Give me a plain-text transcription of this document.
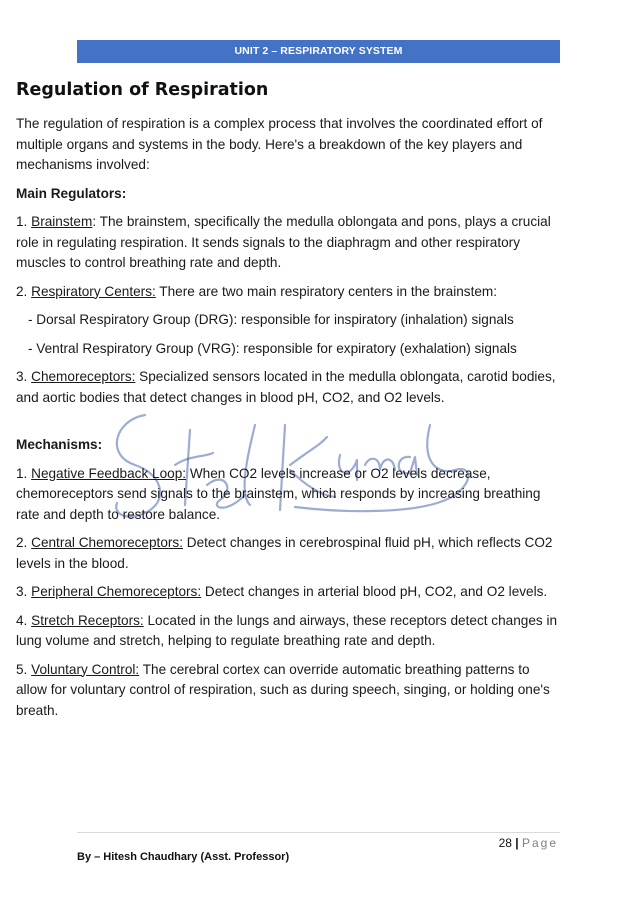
UNIT 2 – RESPIRATORY SYSTEM
Regulation of Respiration

The regulation of respiration is a complex process that involves the coordinated effort of multiple organs and systems in the body. Here's a breakdown of the key players and mechanisms involved:

Main Regulators:

1. Brainstem: The brainstem, specifically the medulla oblongata and pons, plays a crucial role in regulating respiration. It sends signals to the diaphragm and other respiratory muscles to control breathing rate and depth.

2. Respiratory Centers: There are two main respiratory centers in the brainstem:

- Dorsal Respiratory Group (DRG): responsible for inspiratory (inhalation) signals

- Ventral Respiratory Group (VRG): responsible for expiratory (exhalation) signals

3. Chemoreceptors: Specialized sensors located in the medulla oblongata, carotid bodies, and aortic bodies that detect changes in blood pH, CO2, and O2 levels.

Mechanisms:

1. Negative Feedback Loop: When CO2 levels increase or O2 levels decrease, chemoreceptors send signals to the brainstem, which responds by increasing breathing rate and depth to restore balance.

2. Central Chemoreceptors: Detect changes in cerebrospinal fluid pH, which reflects CO2 levels in the blood.

3. Peripheral Chemoreceptors: Detect changes in arterial blood pH, CO2, and O2 levels.

4. Stretch Receptors: Located in the lungs and airways, these receptors detect changes in lung volume and stretch, helping to regulate breathing rate and depth.

5. Voluntary Control: The cerebral cortex can override automatic breathing patterns to allow for voluntary control of respiration, such as during speech, singing, or holding one's breath.

28 | Page
By – Hitesh Chaudhary (Asst. Professor)
